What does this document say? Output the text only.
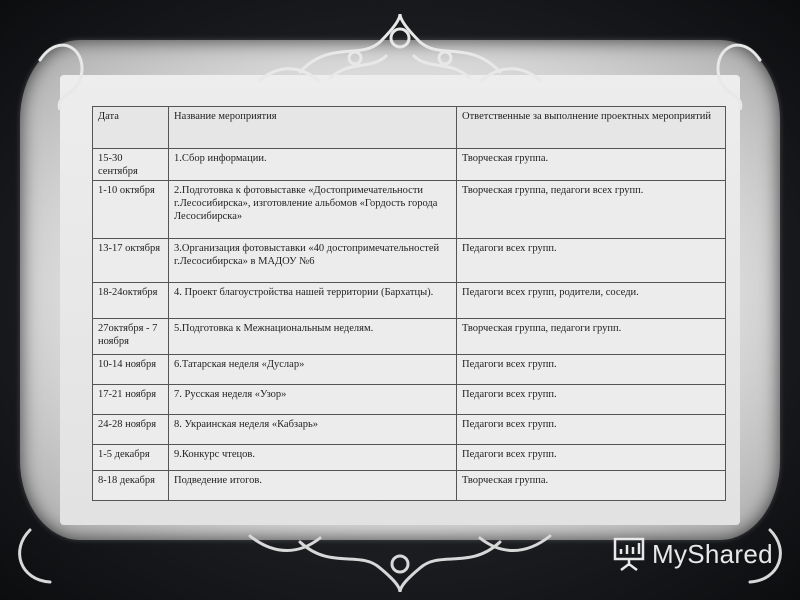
Дата	Название мероприятия	Ответственные за выполнение проектных мероприятий
15-30 сентября	1.Сбор информации.	Творческая группа.
1-10 октября	2.Подготовка к фотовыставке «Достопримечательности г.Лесосибирска», изготовление альбомов «Гордость города Лесосибирска»	Творческая группа, педагоги всех групп.
13-17 октября	3.Организация фотовыставки «40 достопримечательностей г.Лесосибирска» в МАДОУ №6	Педагоги всех групп.
18-24октября	4. Проект благоустройства нашей территории (Бархатцы).	Педагоги всех групп, родители, соседи.
27октября - 7 ноября	5.Подготовка к Межнациональным неделям.	Творческая группа, педагоги групп.
10-14 ноября	6.Татарская неделя «Дуслар»	Педагоги всех групп.
17-21 ноября	7. Русская неделя «Узор»	Педагоги всех групп.
24-28 ноября	8. Украинская неделя «Кабзарь»	Педагоги всех групп.
1-5 декабря	9.Конкурс чтецов.	Педагоги всех групп.
8-18 декабря	Подведение итогов.	Творческая группа.
MyShared
